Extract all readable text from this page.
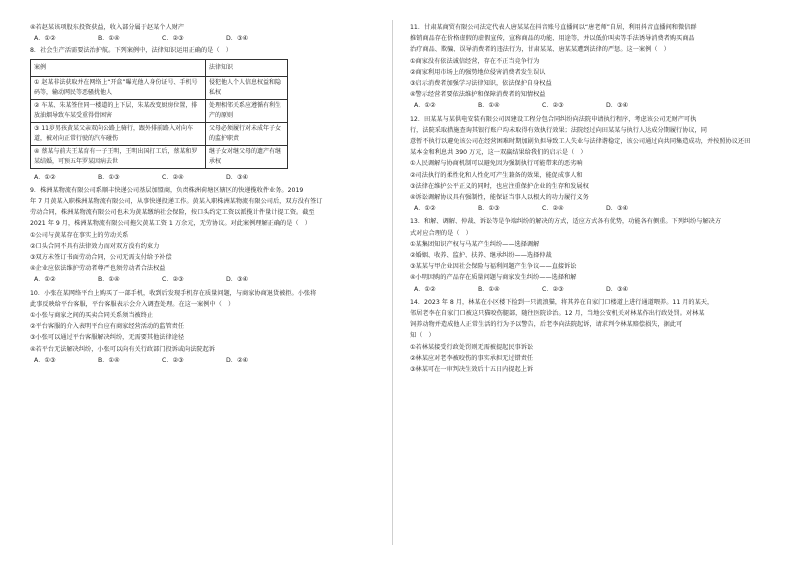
④若赵某该项股东投资获益，收入部分属于赵某个人财产

A．①②	B．①④	C．②③	D．③④

8．社会生产活需要法治护航。下列案例中，法律知识运用正确的是（　）

案例	法律知识
① 赵某非法获取并在网络上“开盒”曝光他人身份证号、手机号码等，输动网民等恶骚扰他人	侵犯他人个人信息权益和隐私权
② 车某、朱某签住同一楼道的上下层，朱某改变厨房位置，排放油烟导致车某受重得骨困害	处理相邻关系应遵循有利生产的原则
③ 11岁男孩黄某父亲双向公路上骑行，跟外排前路入对向车道，被对向正常行驶的汽车碰伤	父母必须履行对未成年子女的监护职责
④ 蔡某与前夫王某育有一子王明，王明出国打工后，蔡某和罗某结婚，可预五年罗某因病去世	继子女对继父母的遗产有继承权
A．①②	B．①③	C．②④	D．③④

9．株洲某物流有限公司系顺丰快递公司基层加盟商，负责株洲荷塘区辖区的快递揽收件业务。2019

年 7 月黄某入职株洲某物流有限公司，从事快递投递工作。黄某入职株洲某物流有限公司后，双方没有签订

劳动合同，株洲某物流有限公司也未为黄某缴纳社会保险，按口头约定工资以派揽计件量计提工资。截至

2021 年 9 月，株洲某物流有限公司拖欠黄某工资 1 万余元，无劳协议。对此案例理解正确的是（　）

①公司与黄某存在事实上的劳动关系

②口头合同不具有法律效力而对双方没有约束力

③双方未签订书面劳动合同，公司无需支付给予补偿

④企业应依法维护劳动者尊严也须劳动者合法权益

A．①②	B．①④	C．②③	D．③④

10．小张在某网络平台上购买了一部手机，收到后发现手机存在质量问题，与商家协商退货被拒。小张将

此事反映给平台客服，平台客服表示会介入调查处理。在这一案例中（　）

①小张与商家之间的买卖合同关系须当被终止

②平台客服的介入表明平台应有商家经营活动的监管责任

③小张可以通过平台客服解决纠纷，无需要其他法律途径

④若平台无法解决纠纷，小张可以向有关行政部门投诉或向法院起诉

A．①③	B．①④	C．②③	D．②④

11．甘肃某商贸有限公司法定代表人唐某某在抖音账号直播间以“唐老师”自居，利用抖音直播间和微信群

推销商品存在价格虚假的虚假宣传，宣称商品的功能、用途等，并以低价叫卖等手法诱导消费者购买商品

治疗商品、欺骗、误导消费者的违法行为，甘肃某某、唐某某遭到法律的严惩。这一案例（　）

①商家没有依法诚信经营，存在不正当竞争行为

②商家利用市场上的强势地位侵害消费者发生误认

③启示消费者加强学习法律知识，依法保护自身权益

④警示经营者要依法维护和保障消费者的知情权益

A．①②	B．①④	C．②③	D．③④

12．田某某与某供电安装有限公司因建设工程分包合同纠纷向法院申请执行程序，考虑该公司无财产可执

行，法院采取措施查询其银行账户均未取得有效执行效果；法院经过向田某某与执行人达成分期履行协议，同

意暂不执行以避免该公司在经营困难时期加剧负担导致工人失业与法律谐稳定，该公司通过向共同集造成功，并按照协议还田

某本金和利息共 390 万元，这一双赢结果给我们的启示是（　）

①人民调解与协商机制可以避免因为强制执行可能带来的恶劣响

②司法执行的柔性化和人性化可产生兼备的效果，能促成事人和

③法律在维护公平正义的同时，也应注重保护企业的生存和发展权

④诉讼调解协议具有强制性，能保证当事人以根大的功力履行义务

A．①②	B．①③	C．②④	D．③④

13．和解、调解、仲裁、诉讼等是争端纠纷的解决的方式，适应方式各有优势，功能各有侧重。下列纠纷与解决方

式对应合理的是（　）

①某集团知识产权与马某产生纠纷——选择调解

②婚姻、收养、监护、扶养、继承纠纷——选择仲裁

③某某与甲企业因社会保险与福利问题产生争议——直接诉讼

④小明因购的产品存在质量问题与商家发生纠纷——选择和解

A．①②	B．①④	C．②③	D．③④

14．2023 年 8 月，林某在小区楼下捡到一只流浪猫，将其养在自家门口楼道上进行通道喂养。11 月的某天，

邻居老李在自家门口被这只猫咬伤腿部，随往医院诊治。12 月，当地公安机关对林某作出行政处罚。对林某

饲养动物并造成他人正常生活的行为予以警告，后老李向法院起诉，请求判令林某赔偿损失，据此可

知（　）

①若林某接受行政处罚则无需被提起民事诉讼

②林某应对老李被咬伤的事实承担无过错责任

③林某可在一审判决生效后十五日内提起上诉
